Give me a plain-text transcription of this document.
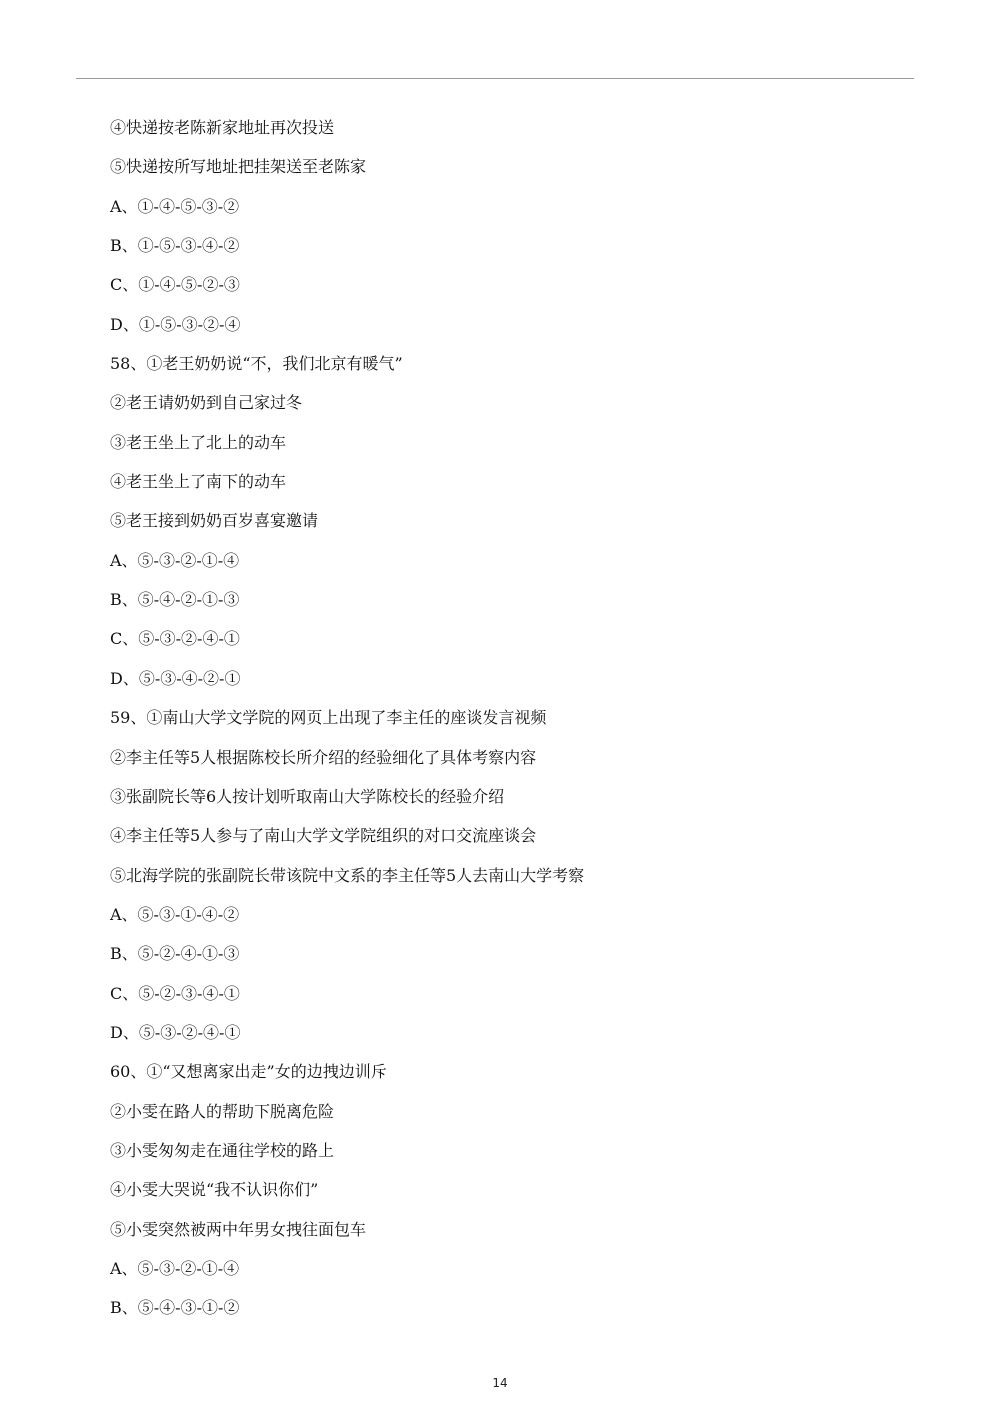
④快递按老陈新家地址再次投送
⑤快递按所写地址把挂架送至老陈家
A、①-④-⑤-③-②
B、①-⑤-③-④-②
C、①-④-⑤-②-③
D、①-⑤-③-②-④
58、①老王奶奶说“不，我们北京有暖气”
②老王请奶奶到自己家过冬
③老王坐上了北上的动车
④老王坐上了南下的动车
⑤老王接到奶奶百岁喜宴邀请
A、⑤-③-②-①-④
B、⑤-④-②-①-③
C、⑤-③-②-④-①
D、⑤-③-④-②-①
59、①南山大学文学院的网页上出现了李主任的座谈发言视频
②李主任等5人根据陈校长所介绍的经验细化了具体考察内容
③张副院长等6人按计划听取南山大学陈校长的经验介绍
④李主任等5人参与了南山大学文学院组织的对口交流座谈会
⑤北海学院的张副院长带该院中文系的李主任等5人去南山大学考察
A、⑤-③-①-④-②
B、⑤-②-④-①-③
C、⑤-②-③-④-①
D、⑤-③-②-④-①
60、①“又想离家出走”女的边拽边训斥
②小雯在路人的帮助下脱离危险
③小雯匆匆走在通往学校的路上
④小雯大哭说“我不认识你们”
⑤小雯突然被两中年男女拽往面包车
A、⑤-③-②-①-④
B、⑤-④-③-①-②
14
